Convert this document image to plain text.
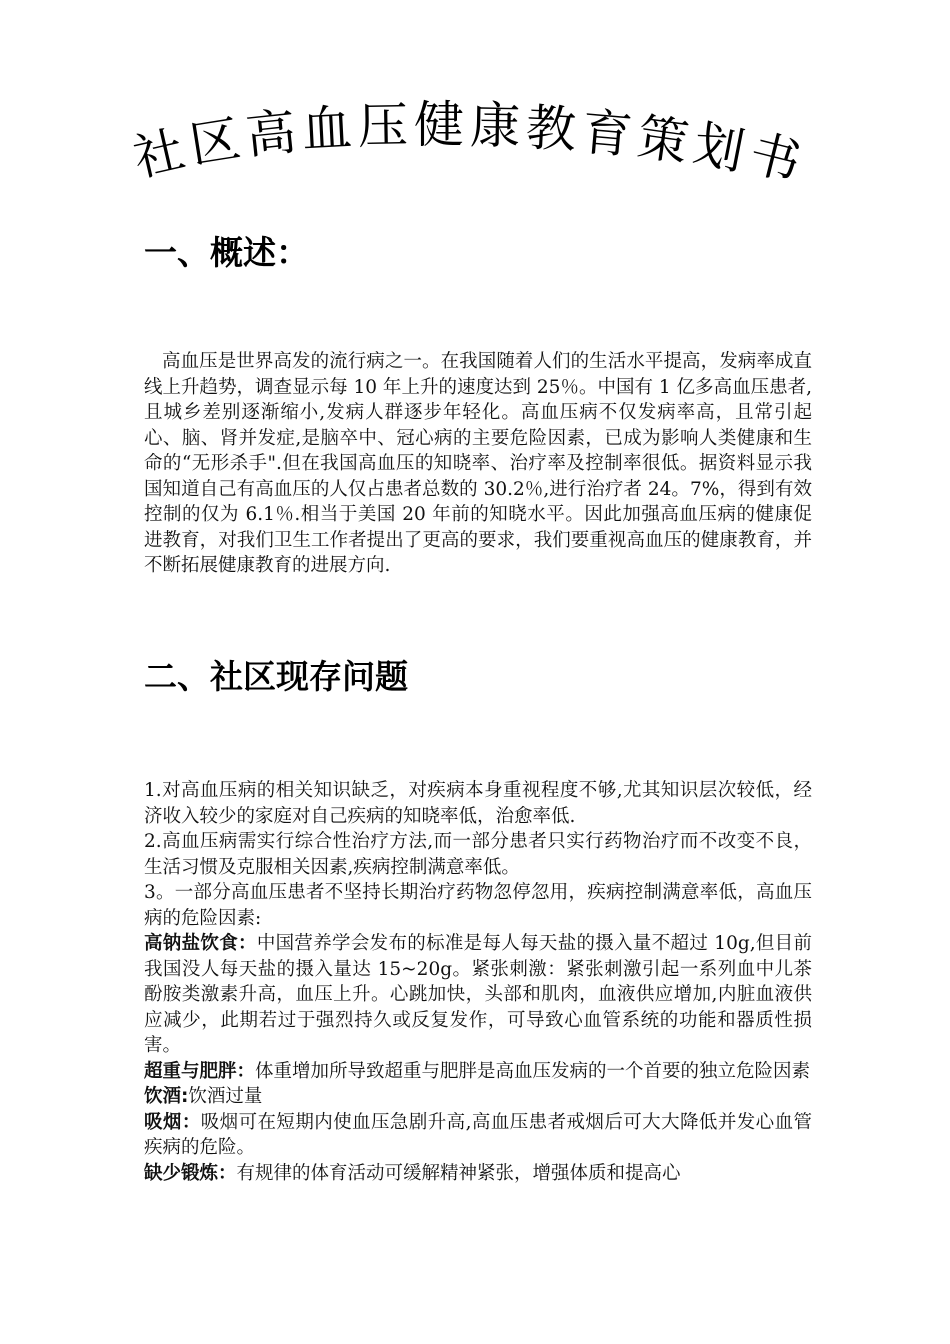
社
区
高 血 压 健 康 教 育 策
划
书
一、概述：

高血压是世界高发的流行病之一。在我国随着人们的生活水平提高，发病率成直线上升趋势，调查显示每 10 年上升的速度达到 25％。中国有 1 亿多高血压患者,且城乡差别逐渐缩小,发病人群逐步年轻化。高血压病不仅发病率高，且常引起心、脑、肾并发症,是脑卒中、冠心病的主要危险因素，已成为影响人类健康和生命的“无形杀手".但在我国高血压的知晓率、治疗率及控制率很低。据资料显示我国知道自己有高血压的人仅占患者总数的 30.2％,进行治疗者 24。7%，得到有效控制的仅为 6.1％.相当于美国 20 年前的知晓水平。因此加强高血压病的健康促进教育，对我们卫生工作者提出了更高的要求，我们要重视高血压的健康教育，并不断拓展健康教育的进展方向.

二、社区现存问题

1.对高血压病的相关知识缺乏，对疾病本身重视程度不够,尤其知识层次较低，经济收入较少的家庭对自己疾病的知晓率低，治愈率低.

2.高血压病需实行综合性治疗方法,而一部分患者只实行药物治疗而不改变不良，生活习惯及克服相关因素,疾病控制满意率低。

3。一部分高血压患者不坚持长期治疗药物忽停忽用，疾病控制满意率低，高血压病的危险因素:

高钠盐饮食：中国营养学会发布的标准是每人每天盐的摄入量不超过 10g,但目前我国没人每天盐的摄入量达 15~20g。紧张刺激：紧张刺激引起一系列血中儿茶酚胺类激素升高，血压上升。心跳加快，头部和肌肉，血液供应增加,内脏血液供应减少，此期若过于强烈持久或反复发作，可导致心血管系统的功能和器质性损害。

超重与肥胖：体重增加所导致超重与肥胖是高血压发病的一个首要的独立危险因素

饮酒:饮酒过量

吸烟：吸烟可在短期内使血压急剧升高,高血压患者戒烟后可大大降低并发心血管疾病的危险。

缺少锻炼：有规律的体育活动可缓解精神紧张，增强体质和提高心
